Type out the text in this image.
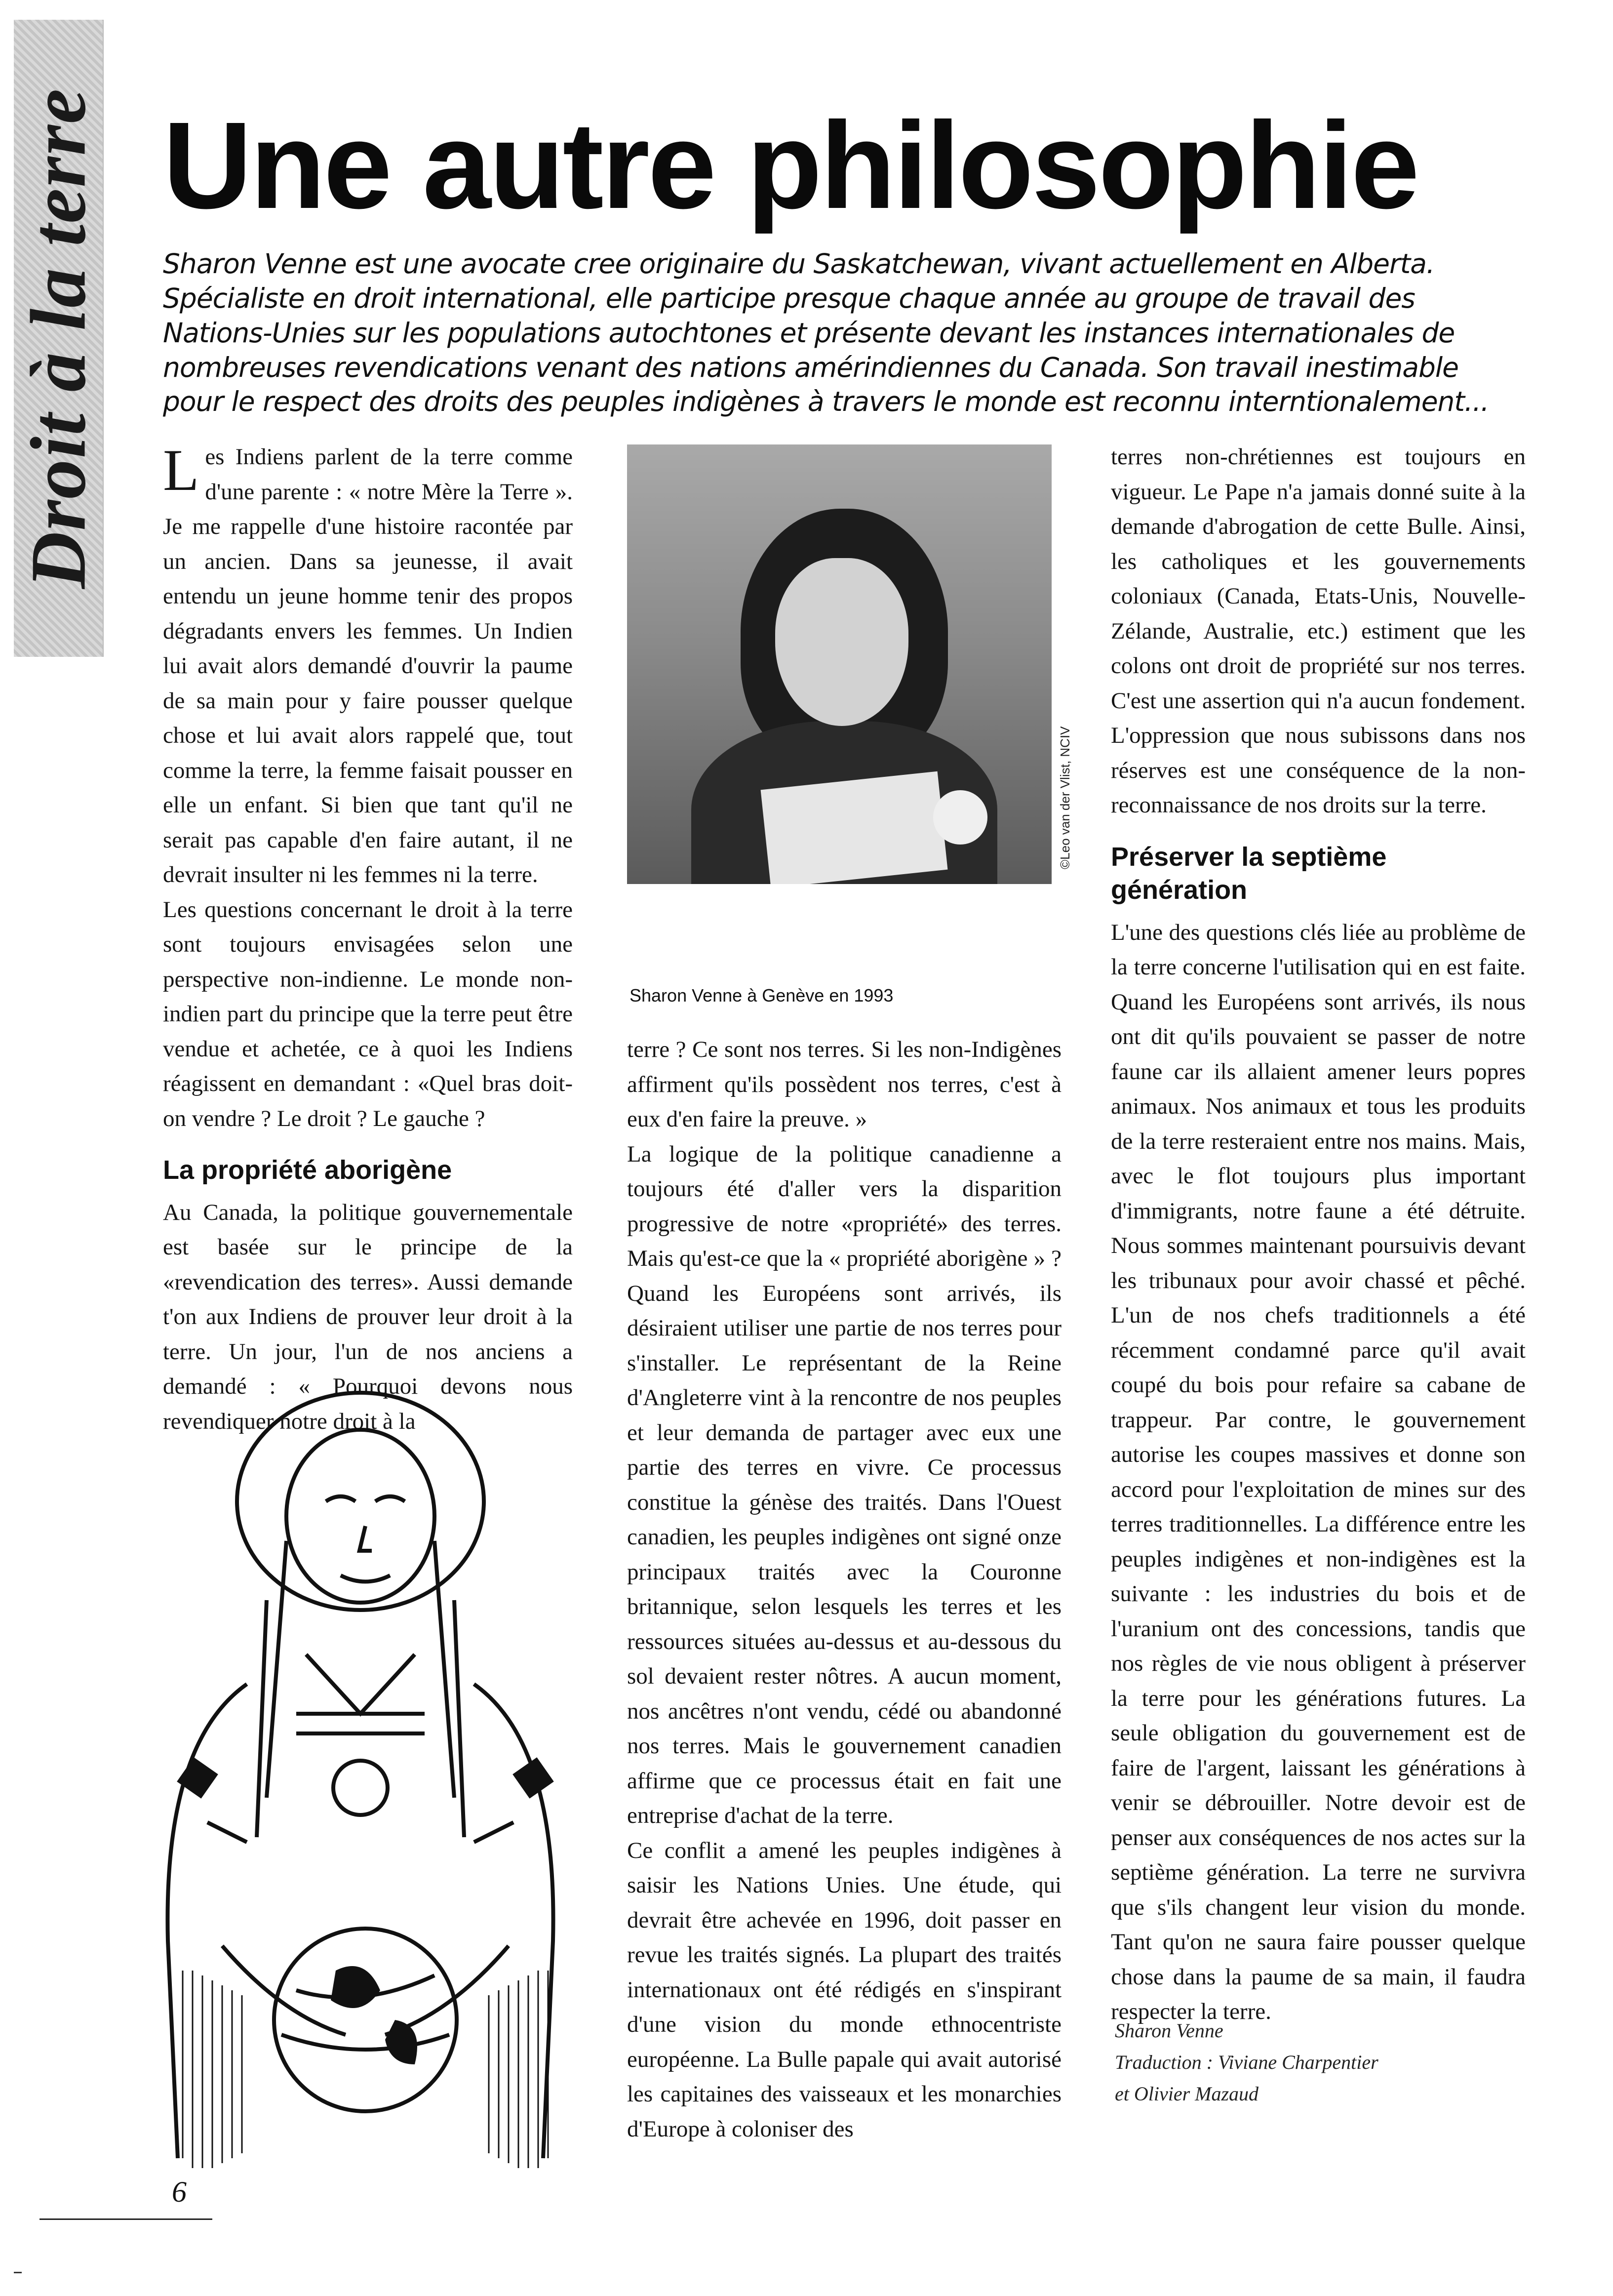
Droit à la terre Une autre philosophie

Sharon Venne est une avocate cree originaire du Saskatchewan, vivant actuellement en Alberta. Spécialiste en droit international, elle participe presque chaque année au groupe de travail des Nations-Unies sur les populations autochtones et présente devant les instances internationales de nombreuses revendications venant des nations amérindiennes du Canada. Son travail inestimable pour le respect des droits des peuples indigènes à travers le monde est reconnu interntionalement...

Les Indiens parlent de la terre comme d'une parente : « notre Mère la Terre ». Je me rappelle d'une histoire racontée par un ancien. Dans sa jeunesse, il avait entendu un jeune homme tenir des propos dégradants envers les femmes. Un Indien lui avait alors demandé d'ouvrir la paume de sa main pour y faire pousser quelque chose et lui avait alors rappelé que, tout comme la terre, la femme faisait pousser en elle un enfant. Si bien que tant qu'il ne serait pas capable d'en faire autant, il ne devrait insulter ni les femmes ni la terre.

Les questions concernant le droit à la terre sont toujours envisagées selon une perspective non-indienne. Le monde non-indien part du principe que la terre peut être vendue et achetée, ce à quoi les Indiens réagissent en demandant : «Quel bras doit-on vendre ? Le droit ? Le gauche ?

La propriété aborigène

Au Canada, la politique gouvernementale est basée sur le principe de la «revendication des terres». Aussi demande t'on aux Indiens de prouver leur droit à la terre. Un jour, l'un de nos anciens a demandé : « Pourquoi devons nous revendiquer notre droit à la

©Leo van der Vlist, NCIV
Sharon Venne à Genève en 1993

terre ? Ce sont nos terres. Si les non-Indigènes affirment qu'ils possèdent nos terres, c'est à eux d'en faire la preuve. »

La logique de la politique canadienne a toujours été d'aller vers la disparition progressive de notre «propriété» des terres. Mais qu'est-ce que la « propriété aborigène » ? Quand les Européens sont arrivés, ils désiraient utiliser une partie de nos terres pour s'installer. Le représentant de la Reine d'Angleterre vint à la rencontre de nos peuples et leur demanda de partager avec eux une partie des terres en vivre. Ce processus constitue la génèse des traités. Dans l'Ouest canadien, les peuples indigènes ont signé onze principaux traités avec la Couronne britannique, selon lesquels les terres et les ressources situées au-dessus et au-dessous du sol devaient rester nôtres. A aucun moment, nos ancêtres n'ont vendu, cédé ou abandonné nos terres. Mais le gouvernement canadien affirme que ce processus était en fait une entreprise d'achat de la terre.

Ce conflit a amené les peuples indigènes à saisir les Nations Unies. Une étude, qui devrait être achevée en 1996, doit passer en revue les traités signés. La plupart des traités internationaux ont été rédigés en s'inspirant d'une vision du monde ethnocentriste européenne. La Bulle papale qui avait autorisé les capitaines des vaisseaux et les monarchies d'Europe à coloniser des

terres non-chrétiennes est toujours en vigueur. Le Pape n'a jamais donné suite à la demande d'abrogation de cette Bulle. Ainsi, les catholiques et les gouvernements coloniaux (Canada, Etats-Unis, Nouvelle-Zélande, Australie, etc.) estiment que les colons ont droit de propriété sur nos terres. C'est une assertion qui n'a aucun fondement. L'oppression que nous subissons dans nos réserves est une conséquence de la non-reconnaissance de nos droits sur la terre.

Préserver la septième génération

L'une des questions clés liée au problème de la terre concerne l'utilisation qui en est faite. Quand les Européens sont arrivés, ils nous ont dit qu'ils pouvaient se passer de notre faune car ils allaient amener leurs popres animaux. Nos animaux et tous les produits de la terre resteraient entre nos mains. Mais, avec le flot toujours plus important d'immigrants, notre faune a été détruite. Nous sommes maintenant poursuivis devant les tribunaux pour avoir chassé et pêché. L'un de nos chefs traditionnels a été récemment condamné parce qu'il avait coupé du bois pour refaire sa cabane de trappeur. Par contre, le gouvernement autorise les coupes massives et donne son accord pour l'exploitation de mines sur des terres traditionnelles. La différence entre les peuples indigènes et non-indigènes est la suivante : les industries du bois et de l'uranium ont des concessions, tandis que nos règles de vie nous obligent à préserver la terre pour les générations futures. La seule obligation du gouvernement est de faire de l'argent, laissant les générations à venir se débrouiller. Notre devoir est de penser aux conséquences de nos actes sur la septième génération. La terre ne survivra que s'ils changent leur vision du monde. Tant qu'on ne saura faire pousser quelque chose dans la paume de sa main, il faudra respecter la terre.

Sharon Venne
Traduction : Viviane Charpentier
et Olivier Mazaud
6
